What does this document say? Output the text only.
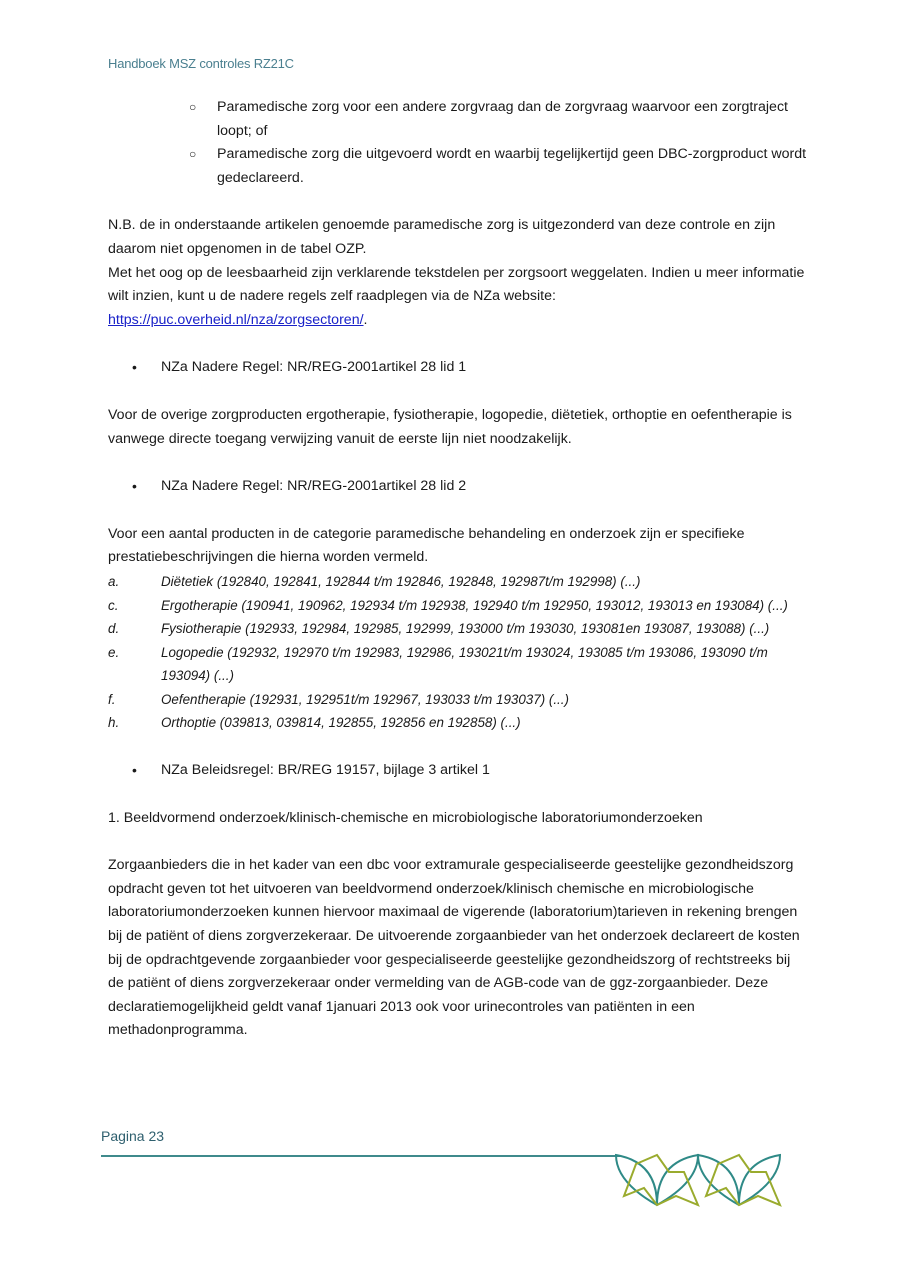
Handboek MSZ controles RZ21C
○ Paramedische zorg voor een andere zorgvraag dan de zorgvraag waarvoor een zorgtraject loopt; of
○ Paramedische zorg die uitgevoerd wordt en waarbij tegelijkertijd geen DBC-zorgproduct wordt gedeclareerd.

N.B. de in onderstaande artikelen genoemde paramedische zorg is uitgezonderd van deze controle en zijn daarom niet opgenomen in de tabel OZP.

Met het oog op de leesbaarheid zijn verklarende tekstdelen per zorgsoort weggelaten. Indien u meer informatie wilt inzien, kunt u de nadere regels zelf raadplegen via de NZa website: https://puc.overheid.nl/nza/zorgsectoren/.

• NZa Nadere Regel: NR/REG-2001artikel 28 lid 1

Voor de overige zorgproducten ergotherapie, fysiotherapie, logopedie, diëtetiek, orthoptie en oefentherapie is vanwege directe toegang verwijzing vanuit de eerste lijn niet noodzakelijk.

• NZa Nadere Regel: NR/REG-2001artikel 28 lid 2

Voor een aantal producten in de categorie paramedische behandeling en onderzoek zijn er specifieke prestatiebeschrijvingen die hierna worden vermeld.

a.	Diëtetiek (192840, 192841, 192844 t/m 192846, 192848, 192987t/m 192998) (...)
c.	Ergotherapie (190941, 190962, 192934 t/m 192938, 192940 t/m 192950, 193012, 193013 en 193084) (...)
d.	Fysiotherapie (192933, 192984, 192985, 192999, 193000 t/m 193030, 193081en 193087, 193088) (...)
e.	Logopedie (192932, 192970 t/m 192983, 192986, 193021t/m 193024, 193085 t/m 193086, 193090 t/m 193094) (...)
f.	Oefentherapie (192931, 192951t/m 192967, 193033 t/m 193037) (...)
h.	Orthoptie (039813, 039814, 192855, 192856 en 192858) (...)
• NZa Beleidsregel: BR/REG 19157, bijlage 3 artikel 1

1. Beeldvormend onderzoek/klinisch-chemische en microbiologische laboratoriumonderzoeken

Zorgaanbieders die in het kader van een dbc voor extramurale gespecialiseerde geestelijke gezondheidszorg opdracht geven tot het uitvoeren van beeldvormend onderzoek/klinisch chemische en microbiologische laboratoriumonderzoeken kunnen hiervoor maximaal de vigerende (laboratorium)tarieven in rekening brengen bij de patiënt of diens zorgverzekeraar. De uitvoerende zorgaanbieder van het onderzoek declareert de kosten bij de opdrachtgevende zorgaanbieder voor gespecialiseerde geestelijke gezondheidszorg of rechtstreeks bij de patiënt of diens zorgverzekeraar onder vermelding van de AGB-code van de ggz-zorgaanbieder. Deze declaratiemogelijkheid geldt vanaf 1januari 2013 ook voor urinecontroles van patiënten in een methadonprogramma.

Pagina 23
